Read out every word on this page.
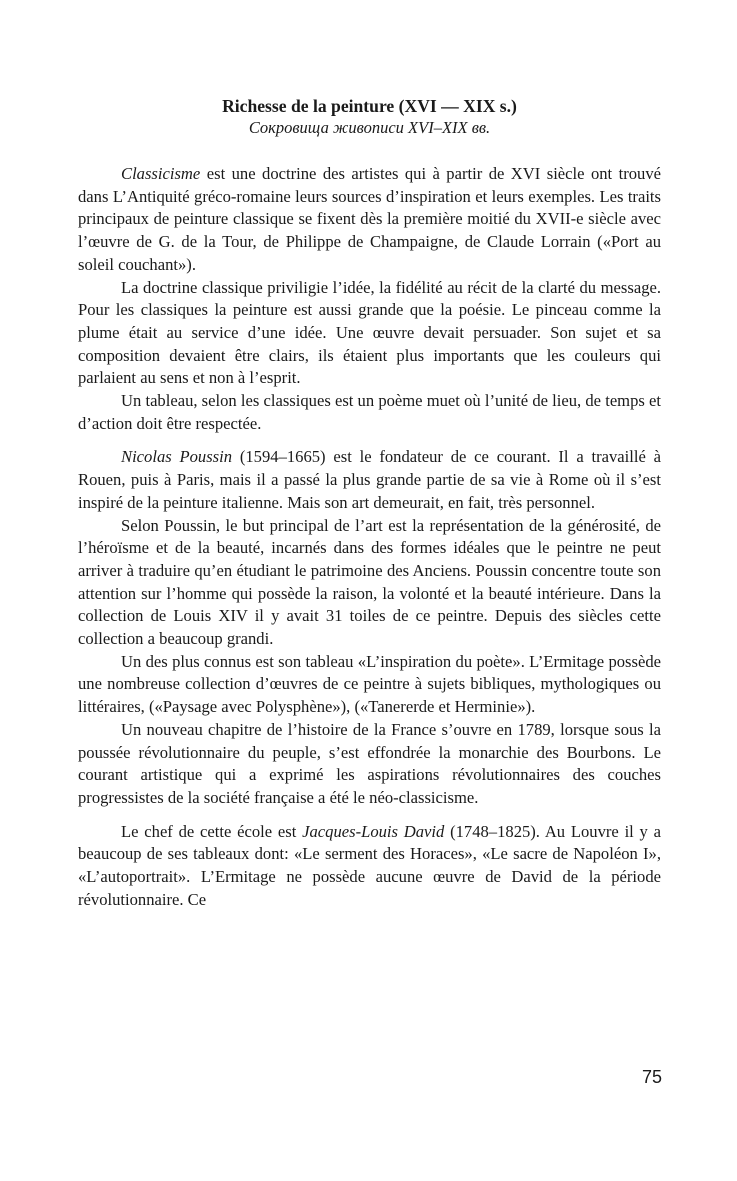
Richesse de la peinture (XVI — XIX s.)
Сокровища живописи XVI–XIX вв.

Classicisme est une doctrine des artistes qui à partir de XVI siècle ont trouvé dans L’Antiquité gréco-romaine leurs sources d’inspiration et leurs exemples. Les traits principaux de peinture classique se fixent dès la première moitié du XVII-e siècle avec l’œuvre de G. de la Tour, de Philippe de Champaigne, de Claude Lorrain («Port au soleil couchant»).

La doctrine classique priviligie l’idée, la fidélité au récit de la clarté du message. Pour les classiques la peinture est aussi grande que la poésie. Le pinceau comme la plume était au service d’une idée. Une œuvre devait persuader. Son sujet et sa composition devaient être clairs, ils étaient plus importants que les couleurs qui parlaient au sens et non à l’esprit.

Un tableau, selon les classiques est un poème muet où l’unité de lieu, de temps et d’action doit être respectée.

Nicolas Poussin (1594–1665) est le fondateur de ce courant. Il a travaillé à Rouen, puis à Paris, mais il a passé la plus grande partie de sa vie à Rome où il s’est inspiré de la peinture italienne. Mais son art demeurait, en fait, très personnel.

Selon Poussin, le but principal de l’art est la représentation de la générosité, de l’héroïsme et de la beauté, incarnés dans des formes idéales que le peintre ne peut arriver à traduire qu’en étudiant le patrimoine des Anciens. Poussin concentre toute son attention sur l’homme qui possède la raison, la volonté et la beauté intérieure. Dans la collection de Louis XIV il y avait 31 toiles de ce peintre. Depuis des siècles cette collection a beaucoup grandi.

Un des plus connus est son tableau «L’inspiration du poète». L’Ermitage possède une nombreuse collection d’œuvres de ce peintre à sujets bibliques, mythologiques ou littéraires, («Paysage avec Polysphène»), («Tanererde et Herminie»).

Un nouveau chapitre de l’histoire de la France s’ouvre en 1789, lorsque sous la poussée révolutionnaire du peuple, s’est effondrée la monarchie des Bourbons. Le courant artistique qui a exprimé les aspirations révolutionnaires des couches progressistes de la société française a été le néo-classicisme.

Le chef de cette école est Jacques-Louis David (1748–1825). Au Louvre il y a beaucoup de ses tableaux dont: «Le serment des Horaces», «Le sacre de Napoléon I», «L’autoportrait». L’Ermitage ne possède aucune œuvre de David de la période révolutionnaire. Ce

75
